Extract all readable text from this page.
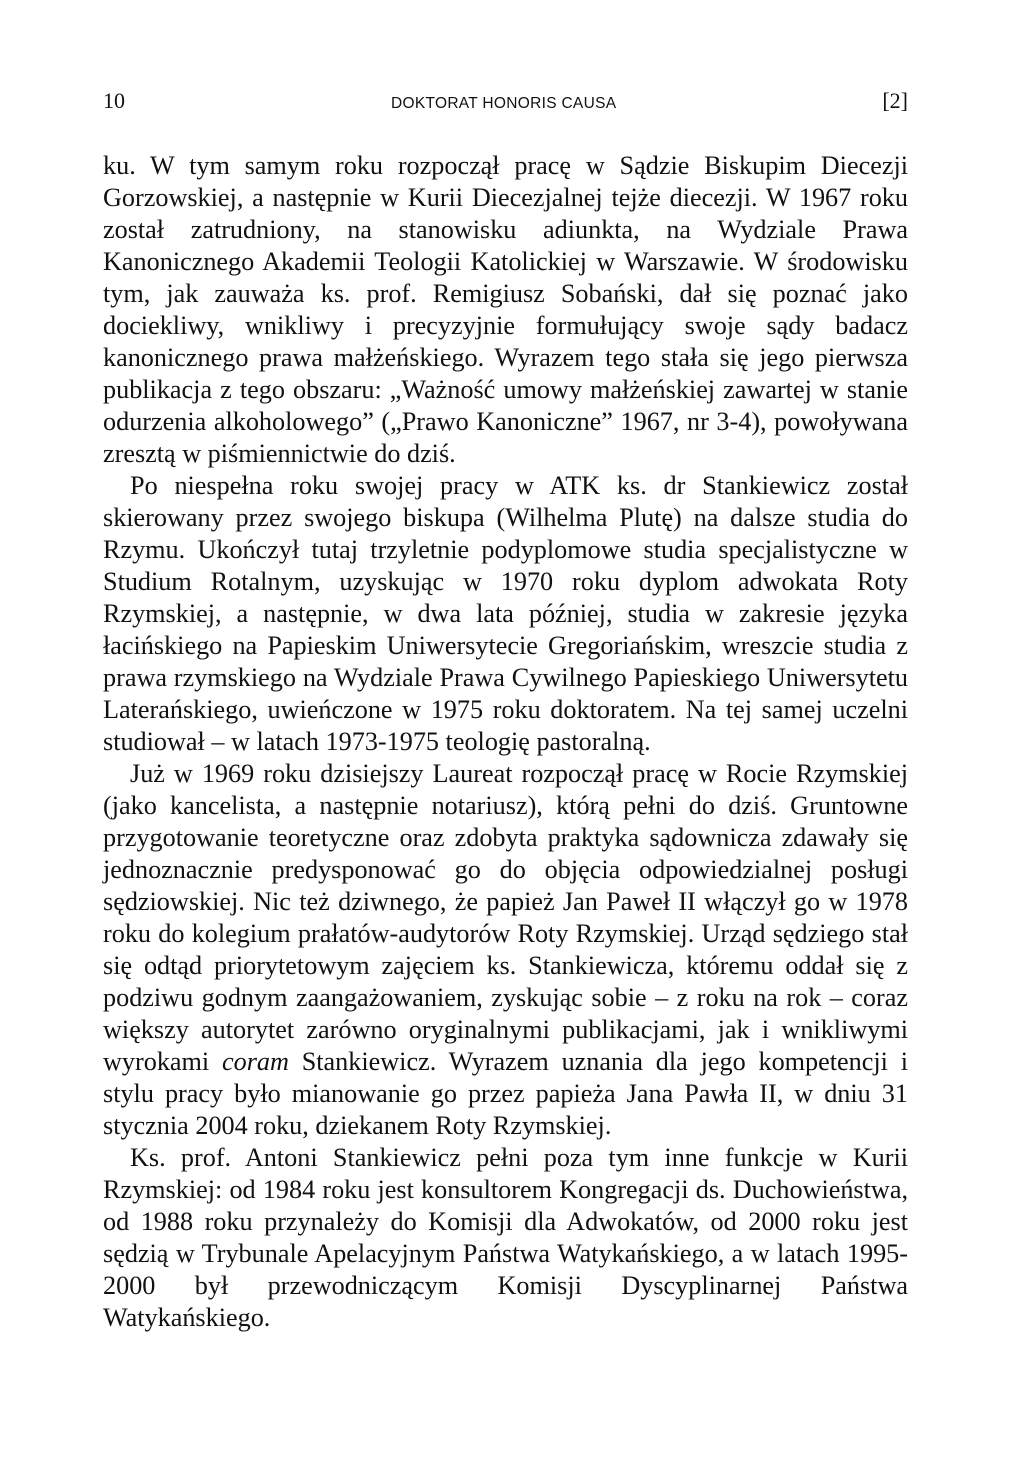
10	DOKTORAT HONORIS CAUSA	[2]

ku. W tym samym roku rozpoczął pracę w Sądzie Biskupim Diecezji Gorzowskiej, a następnie w Kurii Diecezjalnej tejże diecezji. W 1967 roku został zatrudniony, na stanowisku adiunkta, na Wydziale Prawa Kanonicznego Akademii Teologii Katolickiej w Warszawie. W środowisku tym, jak zauważa ks. prof. Remigiusz Sobański, dał się poznać jako dociekliwy, wnikliwy i precyzyjnie formułujący swoje sądy badacz kanonicznego prawa małżeńskiego. Wyrazem tego stała się jego pierwsza publikacja z tego obszaru: „Ważność umowy małżeńskiej zawartej w stanie odurzenia alkoholowego” („Prawo Kanoniczne” 1967, nr 3-4), powoływana zresztą w piśmiennictwie do dziś.

Po niespełna roku swojej pracy w ATK ks. dr Stankiewicz został skierowany przez swojego biskupa (Wilhelma Plutę) na dalsze studia do Rzymu. Ukończył tutaj trzyletnie podyplomowe studia specjalistyczne w Studium Rotalnym, uzyskując w 1970 roku dyplom adwokata Roty Rzymskiej, a następnie, w dwa lata później, studia w zakresie języka łacińskiego na Papieskim Uniwersytecie Gregoriańskim, wreszcie studia z prawa rzymskiego na Wydziale Prawa Cywilnego Papieskiego Uniwersytetu Laterańskiego, uwieńczone w 1975 roku doktoratem. Na tej samej uczelni studiował – w latach 1973-1975 teologię pastoralną.

Już w 1969 roku dzisiejszy Laureat rozpoczął pracę w Rocie Rzymskiej (jako kancelista, a następnie notariusz), którą pełni do dziś. Gruntowne przygotowanie teoretyczne oraz zdobyta praktyka sądownicza zdawały się jednoznacznie predysponować go do objęcia odpowiedzialnej posługi sędziowskiej. Nic też dziwnego, że papież Jan Paweł II włączył go w 1978 roku do kolegium prałatów-audytorów Roty Rzymskiej. Urząd sędziego stał się odtąd priorytetowym zajęciem ks. Stankiewicza, któremu oddał się z podziwu godnym zaangażowaniem, zyskując sobie – z roku na rok – coraz większy autorytet zarówno oryginalnymi publikacjami, jak i wnikliwymi wyrokami coram Stankiewicz. Wyrazem uznania dla jego kompetencji i stylu pracy było mianowanie go przez papieża Jana Pawła II, w dniu 31 stycznia 2004 roku, dziekanem Roty Rzymskiej.

Ks. prof. Antoni Stankiewicz pełni poza tym inne funkcje w Kurii Rzymskiej: od 1984 roku jest konsultorem Kongregacji ds. Duchowieństwa, od 1988 roku przynależy do Komisji dla Adwokatów, od 2000 roku jest sędzią w Trybunale Apelacyjnym Państwa Watykańskiego, a w latach 1995-2000 był przewodniczącym Komisji Dyscyplinarnej Państwa Watykańskiego.
